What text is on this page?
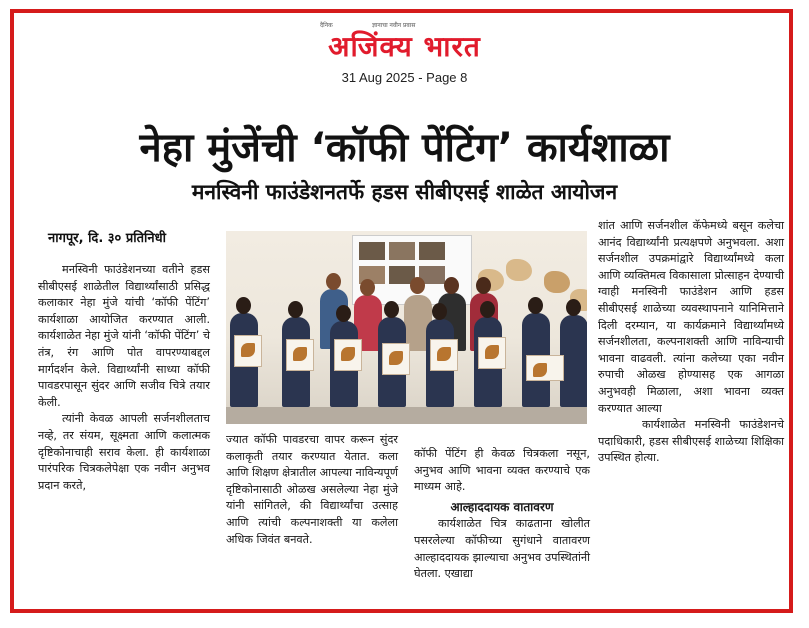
दैनिक	ज्ञानाचा नवीन प्रवास
अजिंक्य भारत
31 Aug 2025 - Page 8
नेहा मुंजेंची ‘कॉफी पेंटिंग’ कार्यशाळा
मनस्विनी फाउंडेशनतर्फे हडस सीबीएसई शाळेत आयोजन
नागपूर, दि. ३० प्रतिनिधी

मनस्विनी फाउंडेशनच्या वतीने हडस सीबीएसई शाळेतील विद्यार्थ्यांसाठी प्रसिद्ध कलाकार नेहा मुंजे यांची ‘कॉफी पेंटिंग’ कार्यशाळा आयोजित करण्यात आली. कार्यशाळेत नेहा मुंजे यांनी ‘कॉफी पेंटिंग’ चे तंत्र, रंग आणि पोत वापरण्याबद्दल मार्गदर्शन केले. विद्यार्थ्यांनी साध्या कॉफी पावडरपासून सुंदर आणि सजीव चित्रे तयार केली.

त्यांनी केवळ आपली सर्जनशीलताच नव्हे, तर संयम, सूक्ष्मता आणि कलात्मक दृष्टिकोनाचाही सराव केला. ही कार्यशाळा पारंपरिक चित्रकलेपेक्षा एक नवीन अनुभव प्रदान करते,

ज्यात कॉफी पावडरचा वापर करून सुंदर कलाकृती तयार करण्यात येतात. कला आणि शिक्षण क्षेत्रातील आपल्या नाविन्यपूर्ण दृष्टिकोनासाठी ओळख असलेल्या नेहा मुंजे यांनी सांगितले, की विद्यार्थ्यांचा उत्साह आणि त्यांची कल्पनाशक्ती या कलेला अधिक जिवंत बनवते.

कॉफी पेंटिंग ही केवळ चित्रकला नसून, अनुभव आणि भावना व्यक्त करण्याचे एक माध्यम आहे.

आल्हाददायक वातावरण

कार्यशाळेत चित्र काढताना खोलीत पसरलेल्या कॉफीच्या सुगंधाने वातावरण आल्हाददायक झाल्याचा अनुभव उपस्थितांनी घेतला. एखाद्या

शांत आणि सर्जनशील कॅफेमध्ये बसून कलेचा आनंद विद्यार्थ्यांनी प्रत्यक्षपणे अनुभवला. अशा सर्जनशील उपक्रमांद्वारे विद्यार्थ्यांमध्ये कला आणि व्यक्तिमत्व विकासाला प्रोत्साहन देण्याची ग्वाही मनस्विनी फाउंडेशन आणि हडस सीबीएसई शाळेच्या व्यवस्थापनाने यानिमित्ताने दिली दरम्यान, या कार्यक्रमाने विद्यार्थ्यांमध्ये सर्जनशीलता, कल्पनाशक्ती आणि नाविन्याची भावना वाढवली. त्यांना कलेच्या एका नवीन रुपाची ओळख होण्यासह एक आगळा अनुभवही मिळाला, अशा भावना व्यक्त करण्यात आल्या

कार्यशाळेत मनस्विनी फाउंडेशनचे पदाधिकारी, हडस सीबीएसई शाळेच्या शिक्षिका उपस्थित होत्या.
